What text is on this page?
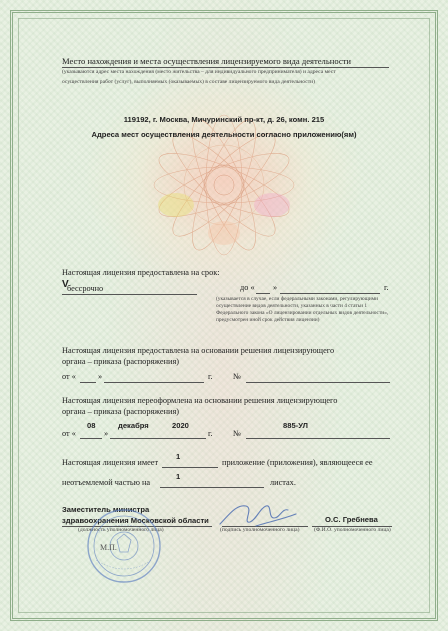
Место нахождения и места осуществления лицензируемого вида деятельности
(указываются адрес места нахождения (место жительства – для индивидуального предпринимателя) и адреса мест
осуществления работ (услуг), выполняемых (оказываемых) в составе лицензируемого вида деятельности)
119192, г. Москва, Мичуринский пр-кт, д. 26, комн. 215
Адреса мест осуществления деятельности согласно приложению(ям)
Настоящая лицензия предоставлена на срок:
V
бессрочно	до « »	г.
(указывается в случае, если федеральными законами, регулирующими осуществление видов деятельности, указанных в части 4 статьи 1 Федерального закона «О лицензировании отдельных видов деятельности», предусмотрен иной срок действия лицензии)
Настоящая лицензия предоставлена на основании решения лицензирующего
органа – приказа (распоряжения)
от «	»	г. №
Настоящая лицензия переоформлена на основании решения лицензирующего
органа – приказа (распоряжения)
от «
08
»
декабря	2020
г. №
885-УЛ
Настоящая лицензия имеет
1
приложение (приложения), являющееся ее
неотъемлемой частью на
1
листах.
Заместитель министра
здравоохранения Московской области
(должность уполномоченного лица)	(подпись уполномоченного лица)
О.С. Гребнева
(Ф.И.О. уполномоченного лица)
М.П.
